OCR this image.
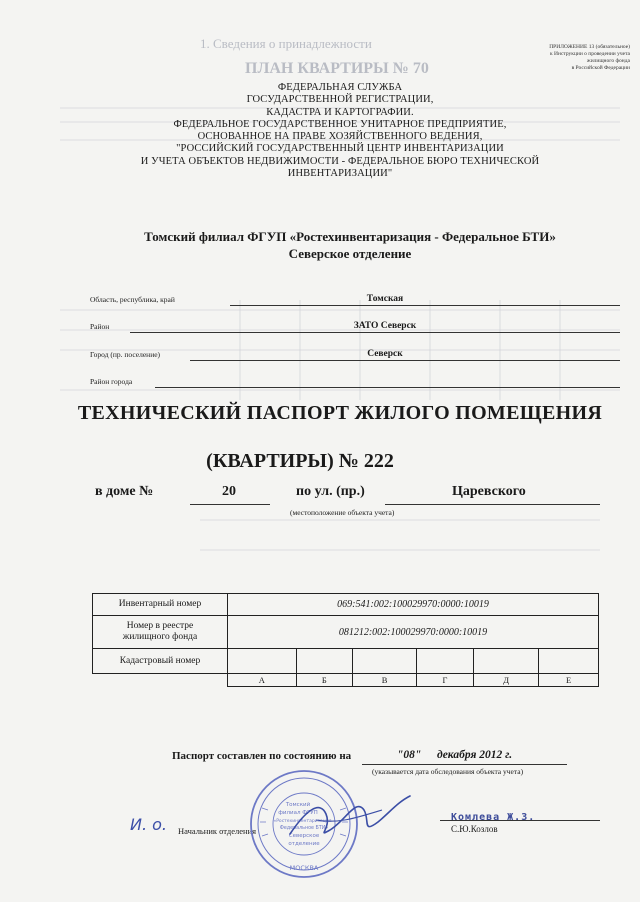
1. Сведения о принадлежности
ПЛАН КВАРТИРЫ № 70
ПРИЛОЖЕНИЕ 13 (обязательное)
к Инструкции о проведении учета
жилищного фонда
в Российской Федерации
ФЕДЕРАЛЬНАЯ СЛУЖБА
ГОСУДАРСТВЕННОЙ РЕГИСТРАЦИИ,
КАДАСТРА И КАРТОГРАФИИ.
ФЕДЕРАЛЬНОЕ ГОСУДАРСТВЕННОЕ УНИТАРНОЕ ПРЕДПРИЯТИЕ,
ОСНОВАННОЕ НА ПРАВЕ ХОЗЯЙСТВЕННОГО ВЕДЕНИЯ,
"РОССИЙСКИЙ ГОСУДАРСТВЕННЫЙ ЦЕНТР ИНВЕНТАРИЗАЦИИ
И УЧЕТА ОБЪЕКТОВ НЕДВИЖИМОСТИ - ФЕДЕРАЛЬНОЕ БЮРО ТЕХНИЧЕСКОЙ
ИНВЕНТАРИЗАЦИИ"
Томский филиал ФГУП «Ростехинвентаризация - Федеральное БТИ»
Северское отделение
Область, республика, край	Томская
Район	ЗАТО Северск
Город (пр. поселение)	Северск
Район города
ТЕХНИЧЕСКИЙ ПАСПОРТ ЖИЛОГО ПОМЕЩЕНИЯ
(КВАРТИРЫ) № 222
в доме №	20	по ул. (пр.)	Царевского
(местоположение объекта учета)
Инвентарный номер	069:541:002:100029970:0000:10019					

Номер в реестре
жилищного фонда	081212:002:100029970:0000:10019					
Кадастровый номер						
	А	Б	В	Г	Д	Е
Паспорт составлен по состоянию на	"08" декабря 2012 г.
(указывается дата обследования объекта учета)
И. о. Начальник отделения
Комлева Ж.З.
С.Ю.Козлов
Томский
филиал ФГУП
«Ростехинвентаризация -
Федеральное БТИ»
Северское
отделение
МОСКВА
